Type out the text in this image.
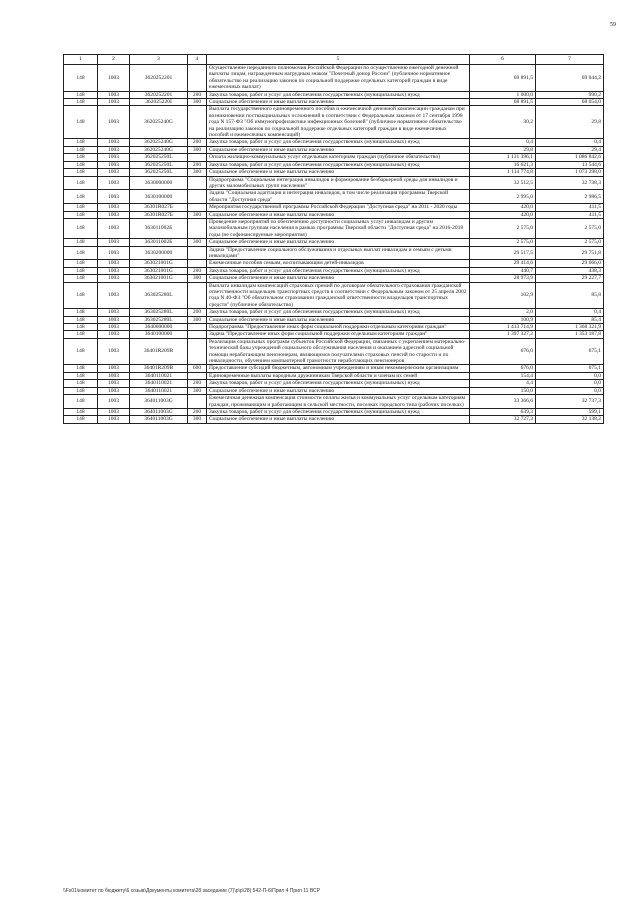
59
1	2	3	4	5	6	7
148	1003	3620252201		Осуществление переданного полномочия Российской Федерации по осуществлению ежегодной денежной выплаты лицам, награжденным нагрудным знаком "Почетный донор России" (публичное нормативное обязательство на реализацию законов по социальной поддержке отдельных категорий граждан в виде ежемесячных выплат)	69 891,5	69 044,2
148	1003	3620252201	200	Закупка товаров, работ и услуг для обеспечения государственных (муниципальных) нужд	1 000,0	990,2
148	1003	362025220І	300	Социальное обеспечение и иные выплаты населению	68 891,5	68 054,0
148	1003	362025240G		Выплата государственного единовременного пособия и ежемесячной денежной компенсации гражданам при возникновении поствакцинальных осложнений в соответствии с Федеральным законом от 17 сентября 1998 года N 157-ФЗ "Об иммунопрофилактике инфекционных болезней" (публичное нормативное обязательство на реализацию законов по социальной поддержке отдельных категорий граждан в виде ежемесячных пособий и ежемесячных компенсаций)	30,2	29,8
148	1003	362025240G	200	Закупка товаров, работ и услуг для обеспечения государственных (муниципальных) нужд	0,4	0,4
148	1003	362025240G	300	Социальное обеспечение и иные выплаты населению	29,8	29,4
148	1003	362025250L		Оплата жилищно-коммунальных услуг отдельным категориям граждан (публичное обязательство)	1 131 396,1	1 086 842,6
148	1003	362025250L	200	Закупка товаров, работ и услуг для обеспечения государственных (муниципальных) нужд	16 621,3	13 544,6
148	1003	362025250L	300	Социальное обеспечение и иные выплаты населению	1 114 774,8	1 073 298,0
148	1003	3630000000		Подпрограмма "Социальная интеграция инвалидов и формирование безбарьерной среды для инвалидов и других маломобильных групп населения"	32 512,5	32 738,3
148	1003	3630100000		Задача "Социальная адаптация и интеграция инвалидов, в том числе реализация программы Тверской области "Доступная среда"	2 995,0	2 986,5
148	1003	36301R027Б		Мероприятия государственной программы Российской Федерации "Доступная среда" на 2011 - 2020 годы	420,0	411,5
148	1003	36301R027Б	300	Социальное обеспечение и иные выплаты населению	420,0	411,5
148	1003	363011002Б		Проведение мероприятий по обеспечению доступности социальных услуг инвалидам и другим маломобильным группам населения в рамках программы Тверской области "Доступная среда" на 2016-2018 годы (не софинансируемые мероприятия)	2 575,0	2 575,0
148	1003	363011002Б	300	Социальное обеспечение и иные выплаты населению	2 575,0	2 575,0
148	1003	3630200000		Задача "Предоставление социального обслуживания и отдельных выплат инвалидам и семьям с детьми инвалидами"	29 517,5	29 751,8
148	1003	363021001G		Ежемесячные пособия семьям, воспитывающим детей-инвалидов	29 414,6	29 666,0
148	1003	363021001G	200	Закупка товаров, работ и услуг для обеспечения государственных (муниципальных) нужд	440,7	438,3
148	1003	363021001G	300	Социальное обеспечение и иные выплаты населению	28 973,9	29 227,7
148	1003	363025280L		Выплата инвалидам компенсаций страховых премий по договорам обязательного страхования гражданской ответственности владельцев транспортных средств в соответствии с Федеральным законом от 25 апреля 2002 года N 40-ФЗ "Об обязательном страховании гражданской ответственности владельцев транспортных средств" (публичное обязательство)	102,9	85,8
148	1003	363025280L	200	Закупка товаров, работ и услуг для обеспечения государственных (муниципальных) нужд	2,0	0,4
148	1003	363025280L	300	Социальное обеспечение и иные выплаты населению	100,9	85,4
148	1003	3640000000		Подпрограмма "Предоставление иных форм социальной поддержки отдельным категориям граждан"	1 413 714,9	1 368 321,9
148	1003	3640100000		Задача "Предоставление иных форм социальной поддержки отдельным категориям граждан"	1 397 327,2	1 353 187,8
148	1003	36401R209B		Реализация социальных программ субъектов Российской Федерации, связанных с укреплением материально-технической базы учреждений социального обслуживания населения и оказанием адресной социальной помощи неработающим пенсионерам, являющимся получателями страховых пенсий по старости и по инвалидности, обучением компьютерной грамотности неработающих пенсионеров	676,0	675,1
148	1003	36401R209B	600	Предоставление субсидий бюджетным, автономным учреждениям и иным некоммерческим организациям	676,0	675,1
148	1003	3640110021		Единовременные выплаты народным дружинникам Тверской области и членам их семей	154,4	0,0
148	1003	3640110021	200	Закупка товаров, работ и услуг для обеспечения государственных (муниципальных) нужд	4,4	0,0
148	1003	3640110021	300	Социальное обеспечение и иные выплаты населению	150,0	0,0
148	1003	364011003G		Ежемесячная денежная компенсация стоимости оплаты жилья и коммунальных услуг отдельным категориям граждан, проживающим и работающим в сельской местности, поселках городского типа (рабочих поселках)	33 366,6	32 737,3
148	1003	364011003G	200	Закупка товаров, работ и услуг для обеспечения государственных (муниципальных) нужд	639,3	599,1
148	1003	364011003G	300	Социальное обеспечение и иные выплаты населению	32 727,3	32 138,2
\\Fs01\комитет по бюджету\6 созыв\Документы комитета\28 заседание (7)\р\р\28) 542-П-6\Прил 4 Прил 11 ВСР
